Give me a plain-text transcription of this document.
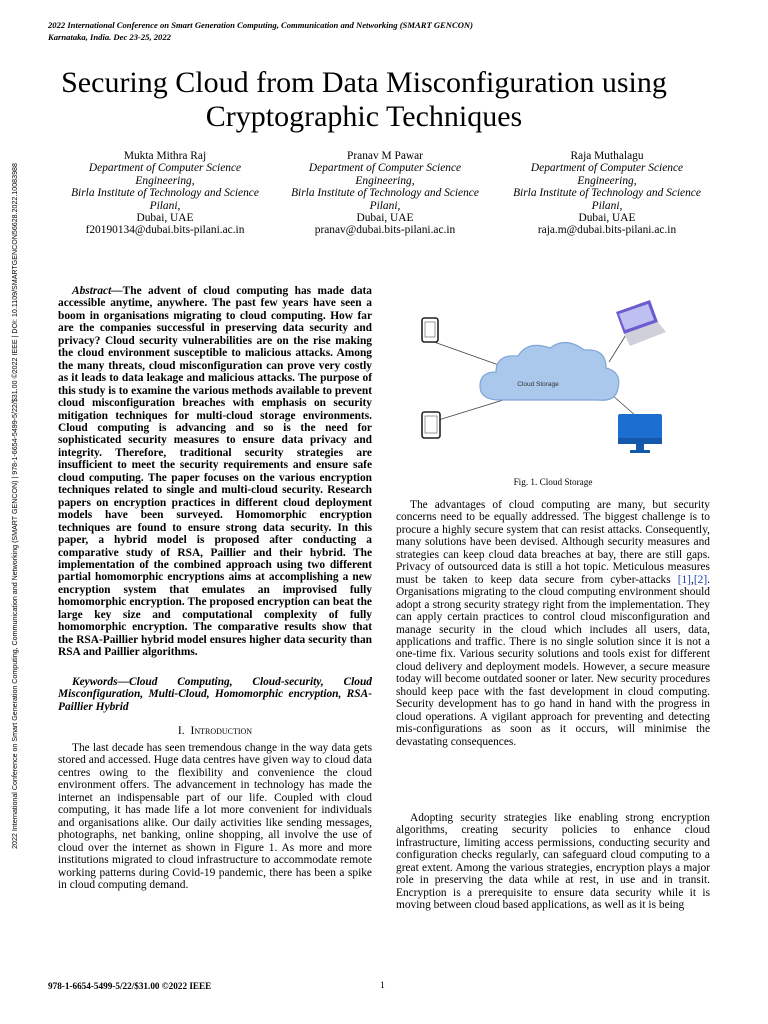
2022 International Conference on Smart Generation Computing, Communication and Networking (SMART GENCON)
Karnataka, India. Dec 23-25, 2022
2022 International Conference on Smart Generation Computing, Communication and Networking (SMART GENCON) | 978-1-6654-5499-5/22/$31.00 ©2022 IEEE | DOI: 10.1109/SMARTGENCON56628.2022.10083988
Securing Cloud from Data Misconfiguration using
Cryptographic Techniques
Mukta Mithra Raj
Department of Computer Science
Engineering,
Birla Institute of Technology and Science
Pilani,
Dubai, UAE
f20190134@dubai.bits-pilani.ac.in
Pranav M Pawar
Department of Computer Science
Engineering,
Birla Institute of Technology and Science
Pilani,
Dubai, UAE
pranav@dubai.bits-pilani.ac.in
Raja Muthalagu
Department of Computer Science
Engineering,
Birla Institute of Technology and Science
Pilani,
Dubai, UAE
raja.m@dubai.bits-pilani.ac.in

Abstract—The advent of cloud computing has made data accessible anytime, anywhere. The past few years have seen a boom in organisations migrating to cloud computing. How far are the companies successful in preserving data security and privacy? Cloud security vulnerabilities are on the rise making the cloud environment susceptible to malicious attacks. Among the many threats, cloud misconfiguration can prove very costly as it leads to data leakage and malicious attacks. The purpose of this study is to examine the various methods available to prevent cloud misconfiguration breaches with emphasis on security mitigation techniques for multi-cloud storage environments. Cloud computing is advancing and so is the need for sophisticated security measures to ensure data privacy and integrity. Therefore, traditional security strategies are insufficient to meet the security requirements and ensure safe cloud computing. The paper focuses on the various encryption techniques related to single and multi-cloud security. Research papers on encryption practices in different cloud deployment models have been surveyed. Homomorphic encryption techniques are found to ensure strong data security. In this paper, a hybrid model is proposed after conducting a comparative study of RSA, Paillier and their hybrid. The implementation of the combined approach using two different partial homomorphic encryptions aims at accomplishing a new encryption system that emulates an improvised fully homomorphic encryption. The proposed encryption can beat the large key size and computational complexity of fully homomorphic encryption. The comparative results show that the RSA-Paillier hybrid model ensures higher data security than RSA and Paillier algorithms.

Keywords—Cloud Computing, Cloud-security, Cloud Misconfiguration, Multi-Cloud, Homomorphic encryption, RSA-Paillier Hybrid

I. Introduction

The last decade has seen tremendous change in the way data gets stored and accessed. Huge data centres have given way to cloud data centres owing to the flexibility and convenience the cloud environment offers. The advancement in technology has made the internet an indispensable part of our life. Coupled with cloud computing, it has made life a lot more convenient for individuals and organisations alike. Our daily activities like sending messages, photographs, net banking, online shopping, all involve the use of cloud over the internet as shown in Figure 1. As more and more institutions migrated to cloud infrastructure to accommodate remote working patterns during Covid-19 pandemic, there has been a spike in cloud computing demand.

Cloud Storage
Fig. 1. Cloud Storage

The advantages of cloud computing are many, but security concerns need to be equally addressed. The biggest challenge is to procure a highly secure system that can resist attacks. Consequently, many solutions have been devised. Although security measures and strategies can keep cloud data breaches at bay, there are still gaps. Privacy of outsourced data is still a hot topic. Meticulous measures must be taken to keep data secure from cyber-attacks [1],[2]. Organisations migrating to the cloud computing environment should adopt a strong security strategy right from the implementation. They can apply certain practices to control cloud misconfiguration and manage security in the cloud which includes all users, data, applications and traffic. There is no single solution since it is not a one-time fix. Various security solutions and tools exist for different cloud delivery and deployment models. However, a secure measure today will become outdated sooner or later. New security procedures should keep pace with the fast development in cloud computing. Security development has to go hand in hand with the progress in cloud operations. A vigilant approach for preventing and detecting mis-configurations as soon as it occurs, will minimise the devastating consequences.

Adopting security strategies like enabling strong encryption algorithms, creating security policies to enhance cloud infrastructure, limiting access permissions, conducting security and configuration checks regularly, can safeguard cloud computing to a great extent. Among the various strategies, encryption plays a major role in preserving the data while at rest, in use and in transit. Encryption is a prerequisite to ensure data security while it is moving between cloud based applications, as well as it is being

978-1-6654-5499-5/22/$31.00 ©2022 IEEE	1
